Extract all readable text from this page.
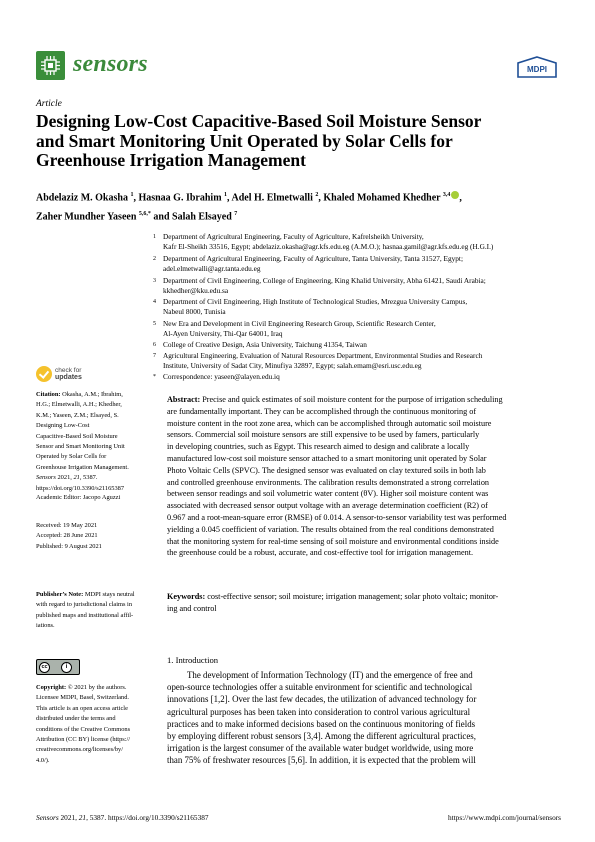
sensors	MDPI
Article
Designing Low-Cost Capacitive-Based Soil Moisture Sensor
and Smart Monitoring Unit Operated by Solar Cells for
Greenhouse Irrigation Management
Abdelaziz M. Okasha $^1$, Hasnaa G. Ibrahim $^1$, Adel H. Elmetwalli $^2$, Khaled Mohamed Khedher $^{3,4}$ ,
Zaher Mundher Yaseen $^{5,6,*}$ and Salah Elsayed $^7$
1 Department of Agricultural Engineering, Faculty of Agriculture, Kafrelsheikh University,
Kafr El-Sheikh 33516, Egypt; abdelaziz.okasha@agr.kfs.edu.eg (A.M.O.); hasnaa.gamil@agr.kfs.edu.eg (H.G.I.)
2 Department of Agricultural Engineering, Faculty of Agriculture, Tanta University, Tanta 31527, Egypt;
adel.elmetwalli@agr.tanta.edu.eg
3 Department of Civil Engineering, College of Engineering, King Khalid University, Abha 61421, Saudi Arabia;
kkhedher@kku.edu.sa
4 Department of Civil Engineering, High Institute of Technological Studies, Mrezgua University Campus,
Nabeul 8000, Tunisia
5 New Era and Development in Civil Engineering Research Group, Scientific Research Center,
Al-Ayen University, Thi-Qar 64001, Iraq
6 College of Creative Design, Asia University, Taichung 41354, Taiwan
7 Agricultural Engineering, Evaluation of Natural Resources Department, Environmental Studies and Research
Institute, University of Sadat City, Minufiya 32897, Egypt; salah.emam@esri.usc.edu.eg
* Correspondence: yaseen@alayen.edu.iq
check for
updates
Citation: Okasha, A.M.; Ibrahim,
H.G.; Elmetwalli, A.H.; Khedher,
K.M.; Yaseen, Z.M.; Elsayed, S.
Designing Low-Cost
Capacitive-Based Soil Moisture
Sensor and Smart Monitoring Unit
Operated by Solar Cells for
Greenhouse Irrigation Management.
Sensors 2021, 21, 5387.
https://doi.org/10.3390/s21165387
Academic Editor: Jacopo Aguzzi
Received: 19 May 2021
Accepted: 28 June 2021
Published: 9 August 2021
Publisher’s Note: MDPI stays neutral
with regard to jurisdictional claims in
published maps and institutional affil-
iations.
cc	i
Copyright: © 2021 by the authors.
Licensee MDPI, Basel, Switzerland.
This article is an open access article
distributed under the terms and
conditions of the Creative Commons
Attribution (CC BY) license (https://
creativecommons.org/licenses/by/
4.0/).
Abstract: Precise and quick estimates of soil moisture content for the purpose of irrigation scheduling
are fundamentally important. They can be accomplished through the continuous monitoring of
moisture content in the root zone area, which can be accomplished through automatic soil moisture
sensors. Commercial soil moisture sensors are still expensive to be used by famers, particularly
in developing countries, such as Egypt. This research aimed to design and calibrate a locally
manufactured low-cost soil moisture sensor attached to a smart monitoring unit operated by Solar
Photo Voltaic Cells (SPVC). The designed sensor was evaluated on clay textured soils in both lab
and controlled greenhouse environments. The calibration results demonstrated a strong correlation
between sensor readings and soil volumetric water content (θV). Higher soil moisture content was
associated with decreased sensor output voltage with an average determination coefficient (R2) of
0.967 and a root-mean-square error (RMSE) of 0.014. A sensor-to-sensor variability test was performed
yielding a 0.045 coefficient of variation. The results obtained from the real conditions demonstrated
that the monitoring system for real-time sensing of soil moisture and environmental conditions inside
the greenhouse could be a robust, accurate, and cost-effective tool for irrigation management.
Keywords: cost-effective sensor; soil moisture; irrigation management; solar photo voltaic; monitor-
ing and control
1. Introduction
The development of Information Technology (IT) and the emergence of free and
open-source technologies offer a suitable environment for scientific and technological
innovations [1,2]. Over the last few decades, the utilization of advanced technology for
agricultural purposes has been taken into consideration to control various agricultural
practices and to make informed decisions based on the continuous monitoring of fields
by employing different robust sensors [3,4]. Among the different agricultural practices,
irrigation is the largest consumer of the available water budget worldwide, using more
than 75% of freshwater resources [5,6]. In addition, it is expected that the problem will
Sensors 2021, 21, 5387. https://doi.org/10.3390/s21165387	https://www.mdpi.com/journal/sensors
